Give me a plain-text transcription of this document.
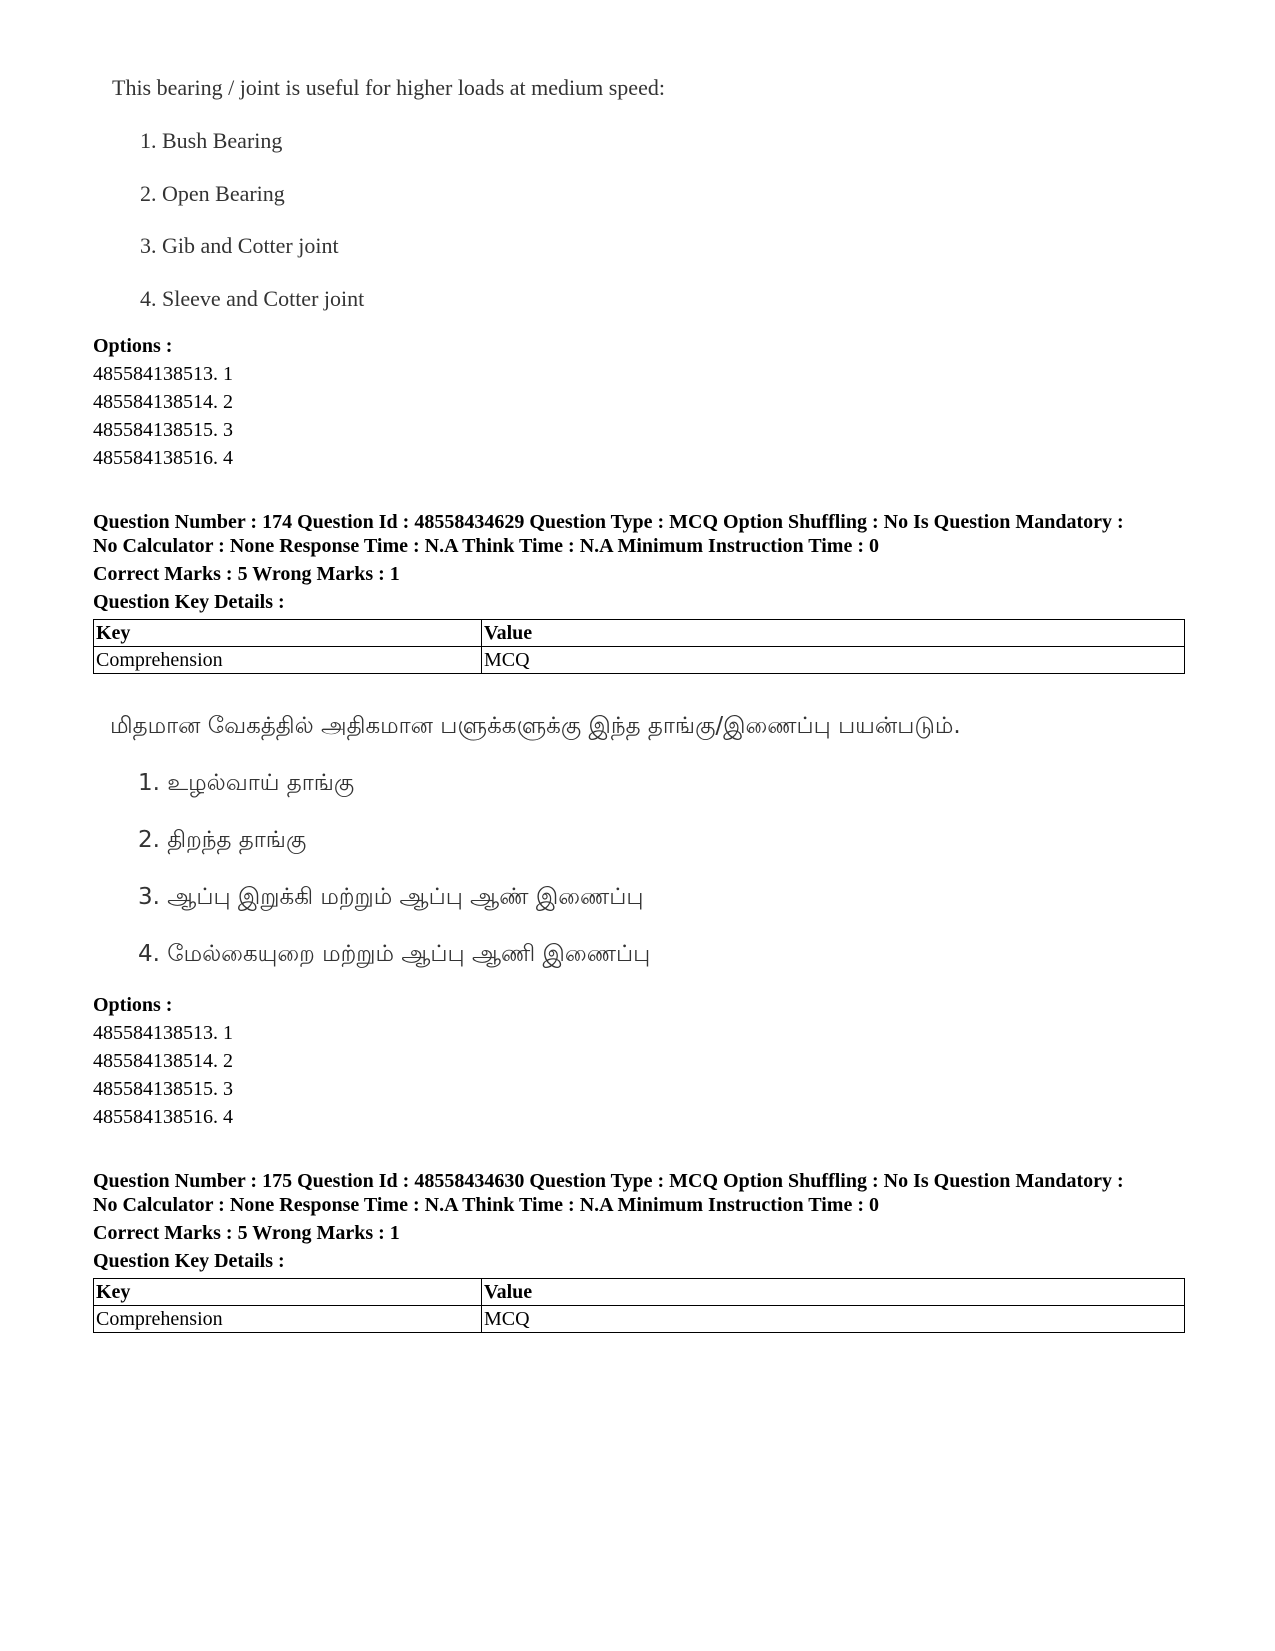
This bearing / joint is useful for higher loads at medium speed:
1. Bush Bearing
2. Open Bearing
3. Gib and Cotter joint
4. Sleeve and Cotter joint
Options :
485584138513. 1
485584138514. 2
485584138515. 3
485584138516. 4
Question Number : 174 Question Id : 48558434629 Question Type : MCQ Option Shuffling : No Is Question Mandatory :
No Calculator : None Response Time : N.A Think Time : N.A Minimum Instruction Time : 0
Correct Marks : 5 Wrong Marks : 1
Question Key Details :
Key	Value
Comprehension	MCQ
மிதமான வேகத்தில் அதிகமான பளுக்களுக்கு இந்த தாங்கு/இணைப்பு பயன்படும்.
1. உழல்வாய் தாங்கு
2. திறந்த தாங்கு
3. ஆப்பு இறுக்கி மற்றும் ஆப்பு ஆண் இணைப்பு
4. மேல்கையுறை மற்றும் ஆப்பு ஆணி இணைப்பு
Options :
485584138513. 1
485584138514. 2
485584138515. 3
485584138516. 4
Question Number : 175 Question Id : 48558434630 Question Type : MCQ Option Shuffling : No Is Question Mandatory :
No Calculator : None Response Time : N.A Think Time : N.A Minimum Instruction Time : 0
Correct Marks : 5 Wrong Marks : 1
Question Key Details :
Key	Value
Comprehension	MCQ
